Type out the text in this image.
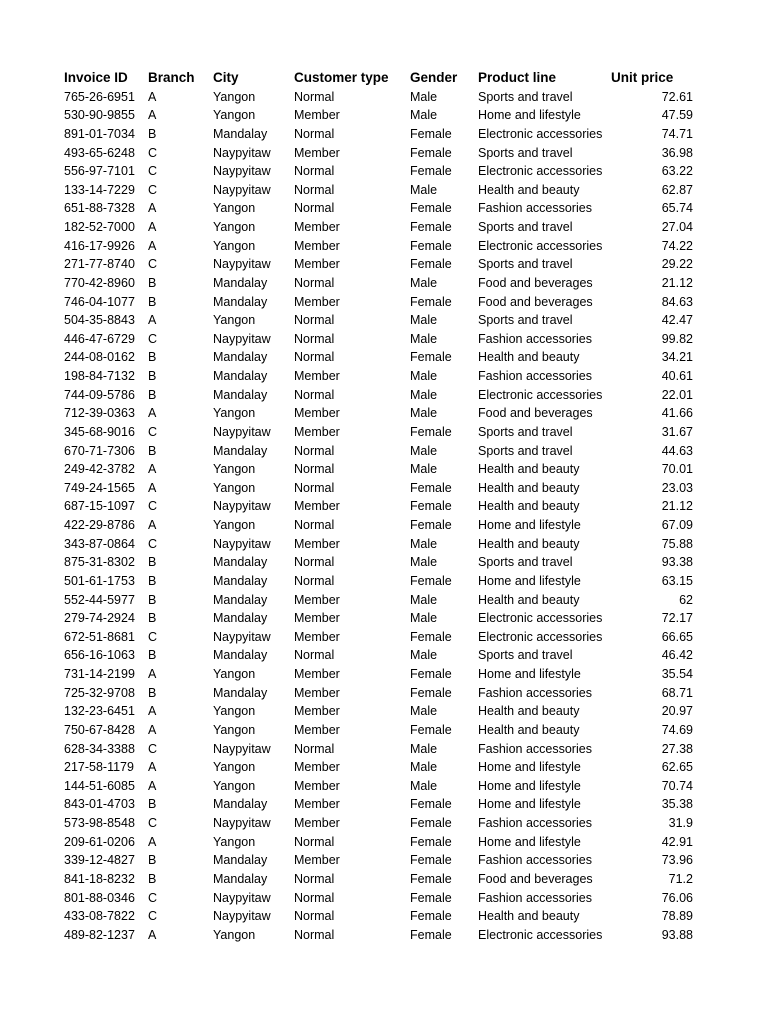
Invoice ID	Branch	City	Customer type	Gender	Product line	Unit price
765-26-6951	A	Yangon	Normal	Male	Sports and travel	72.61
530-90-9855	A	Yangon	Member	Male	Home and lifestyle	47.59
891-01-7034	B	Mandalay	Normal	Female	Electronic accessories	74.71
493-65-6248	C	Naypyitaw	Member	Female	Sports and travel	36.98
556-97-7101	C	Naypyitaw	Normal	Female	Electronic accessories	63.22
133-14-7229	C	Naypyitaw	Normal	Male	Health and beauty	62.87
651-88-7328	A	Yangon	Normal	Female	Fashion accessories	65.74
182-52-7000	A	Yangon	Member	Female	Sports and travel	27.04
416-17-9926	A	Yangon	Member	Female	Electronic accessories	74.22
271-77-8740	C	Naypyitaw	Member	Female	Sports and travel	29.22
770-42-8960	B	Mandalay	Normal	Male	Food and beverages	21.12
746-04-1077	B	Mandalay	Member	Female	Food and beverages	84.63
504-35-8843	A	Yangon	Normal	Male	Sports and travel	42.47
446-47-6729	C	Naypyitaw	Normal	Male	Fashion accessories	99.82
244-08-0162	B	Mandalay	Normal	Female	Health and beauty	34.21
198-84-7132	B	Mandalay	Member	Male	Fashion accessories	40.61
744-09-5786	B	Mandalay	Normal	Male	Electronic accessories	22.01
712-39-0363	A	Yangon	Member	Male	Food and beverages	41.66
345-68-9016	C	Naypyitaw	Member	Female	Sports and travel	31.67
670-71-7306	B	Mandalay	Normal	Male	Sports and travel	44.63
249-42-3782	A	Yangon	Normal	Male	Health and beauty	70.01
749-24-1565	A	Yangon	Normal	Female	Health and beauty	23.03
687-15-1097	C	Naypyitaw	Member	Female	Health and beauty	21.12
422-29-8786	A	Yangon	Normal	Female	Home and lifestyle	67.09
343-87-0864	C	Naypyitaw	Member	Male	Health and beauty	75.88
875-31-8302	B	Mandalay	Normal	Male	Sports and travel	93.38
501-61-1753	B	Mandalay	Normal	Female	Home and lifestyle	63.15
552-44-5977	B	Mandalay	Member	Male	Health and beauty	62
279-74-2924	B	Mandalay	Member	Male	Electronic accessories	72.17
672-51-8681	C	Naypyitaw	Member	Female	Electronic accessories	66.65
656-16-1063	B	Mandalay	Normal	Male	Sports and travel	46.42
731-14-2199	A	Yangon	Member	Female	Home and lifestyle	35.54
725-32-9708	B	Mandalay	Member	Female	Fashion accessories	68.71
132-23-6451	A	Yangon	Member	Male	Health and beauty	20.97
750-67-8428	A	Yangon	Member	Female	Health and beauty	74.69
628-34-3388	C	Naypyitaw	Normal	Male	Fashion accessories	27.38
217-58-1179	A	Yangon	Member	Male	Home and lifestyle	62.65
144-51-6085	A	Yangon	Member	Male	Home and lifestyle	70.74
843-01-4703	B	Mandalay	Member	Female	Home and lifestyle	35.38
573-98-8548	C	Naypyitaw	Member	Female	Fashion accessories	31.9
209-61-0206	A	Yangon	Normal	Female	Home and lifestyle	42.91
339-12-4827	B	Mandalay	Member	Female	Fashion accessories	73.96
841-18-8232	B	Mandalay	Normal	Female	Food and beverages	71.2
801-88-0346	C	Naypyitaw	Normal	Female	Fashion accessories	76.06
433-08-7822	C	Naypyitaw	Normal	Female	Health and beauty	78.89
489-82-1237	A	Yangon	Normal	Female	Electronic accessories	93.88
